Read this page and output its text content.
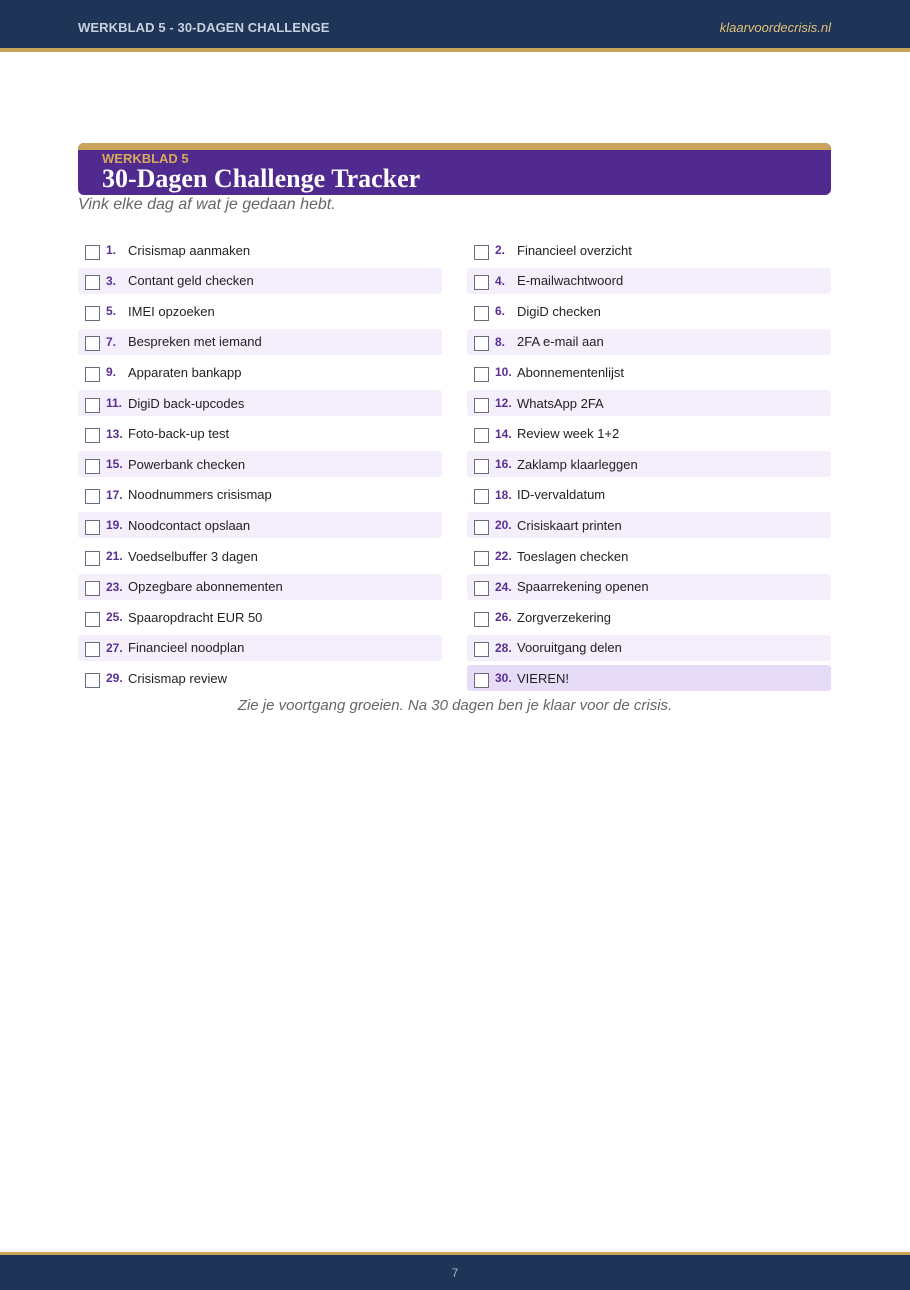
WERKBLAD 5 - 30-DAGEN CHALLENGE	klaarvoordecrisis.nl
WERKBLAD 5
30-Dagen Challenge Tracker
Vink elke dag af wat je gedaan hebt.
1. Crisismap aanmaken	2. Financieel overzicht
3. Contant geld checken	4. E-mailwachtwoord
5. IMEI opzoeken	6. DigiD checken
7. Bespreken met iemand	8. 2FA e-mail aan
9. Apparaten bankapp	10. Abonnementenlijst
11. DigiD back-upcodes	12. WhatsApp 2FA
13. Foto-back-up test	14. Review week 1+2
15. Powerbank checken	16. Zaklamp klaarleggen
17. Noodnummers crisismap	18. ID-vervaldatum
19. Noodcontact opslaan	20. Crisiskaart printen
21. Voedselbuffer 3 dagen	22. Toeslagen checken
23. Opzegbare abonnementen	24. Spaarrekening openen
25. Spaaropdracht EUR 50	26. Zorgverzekering
27. Financieel noodplan	28. Vooruitgang delen
29. Crisismap review	30. VIEREN!
Zie je voortgang groeien. Na 30 dagen ben je klaar voor de crisis.
7
